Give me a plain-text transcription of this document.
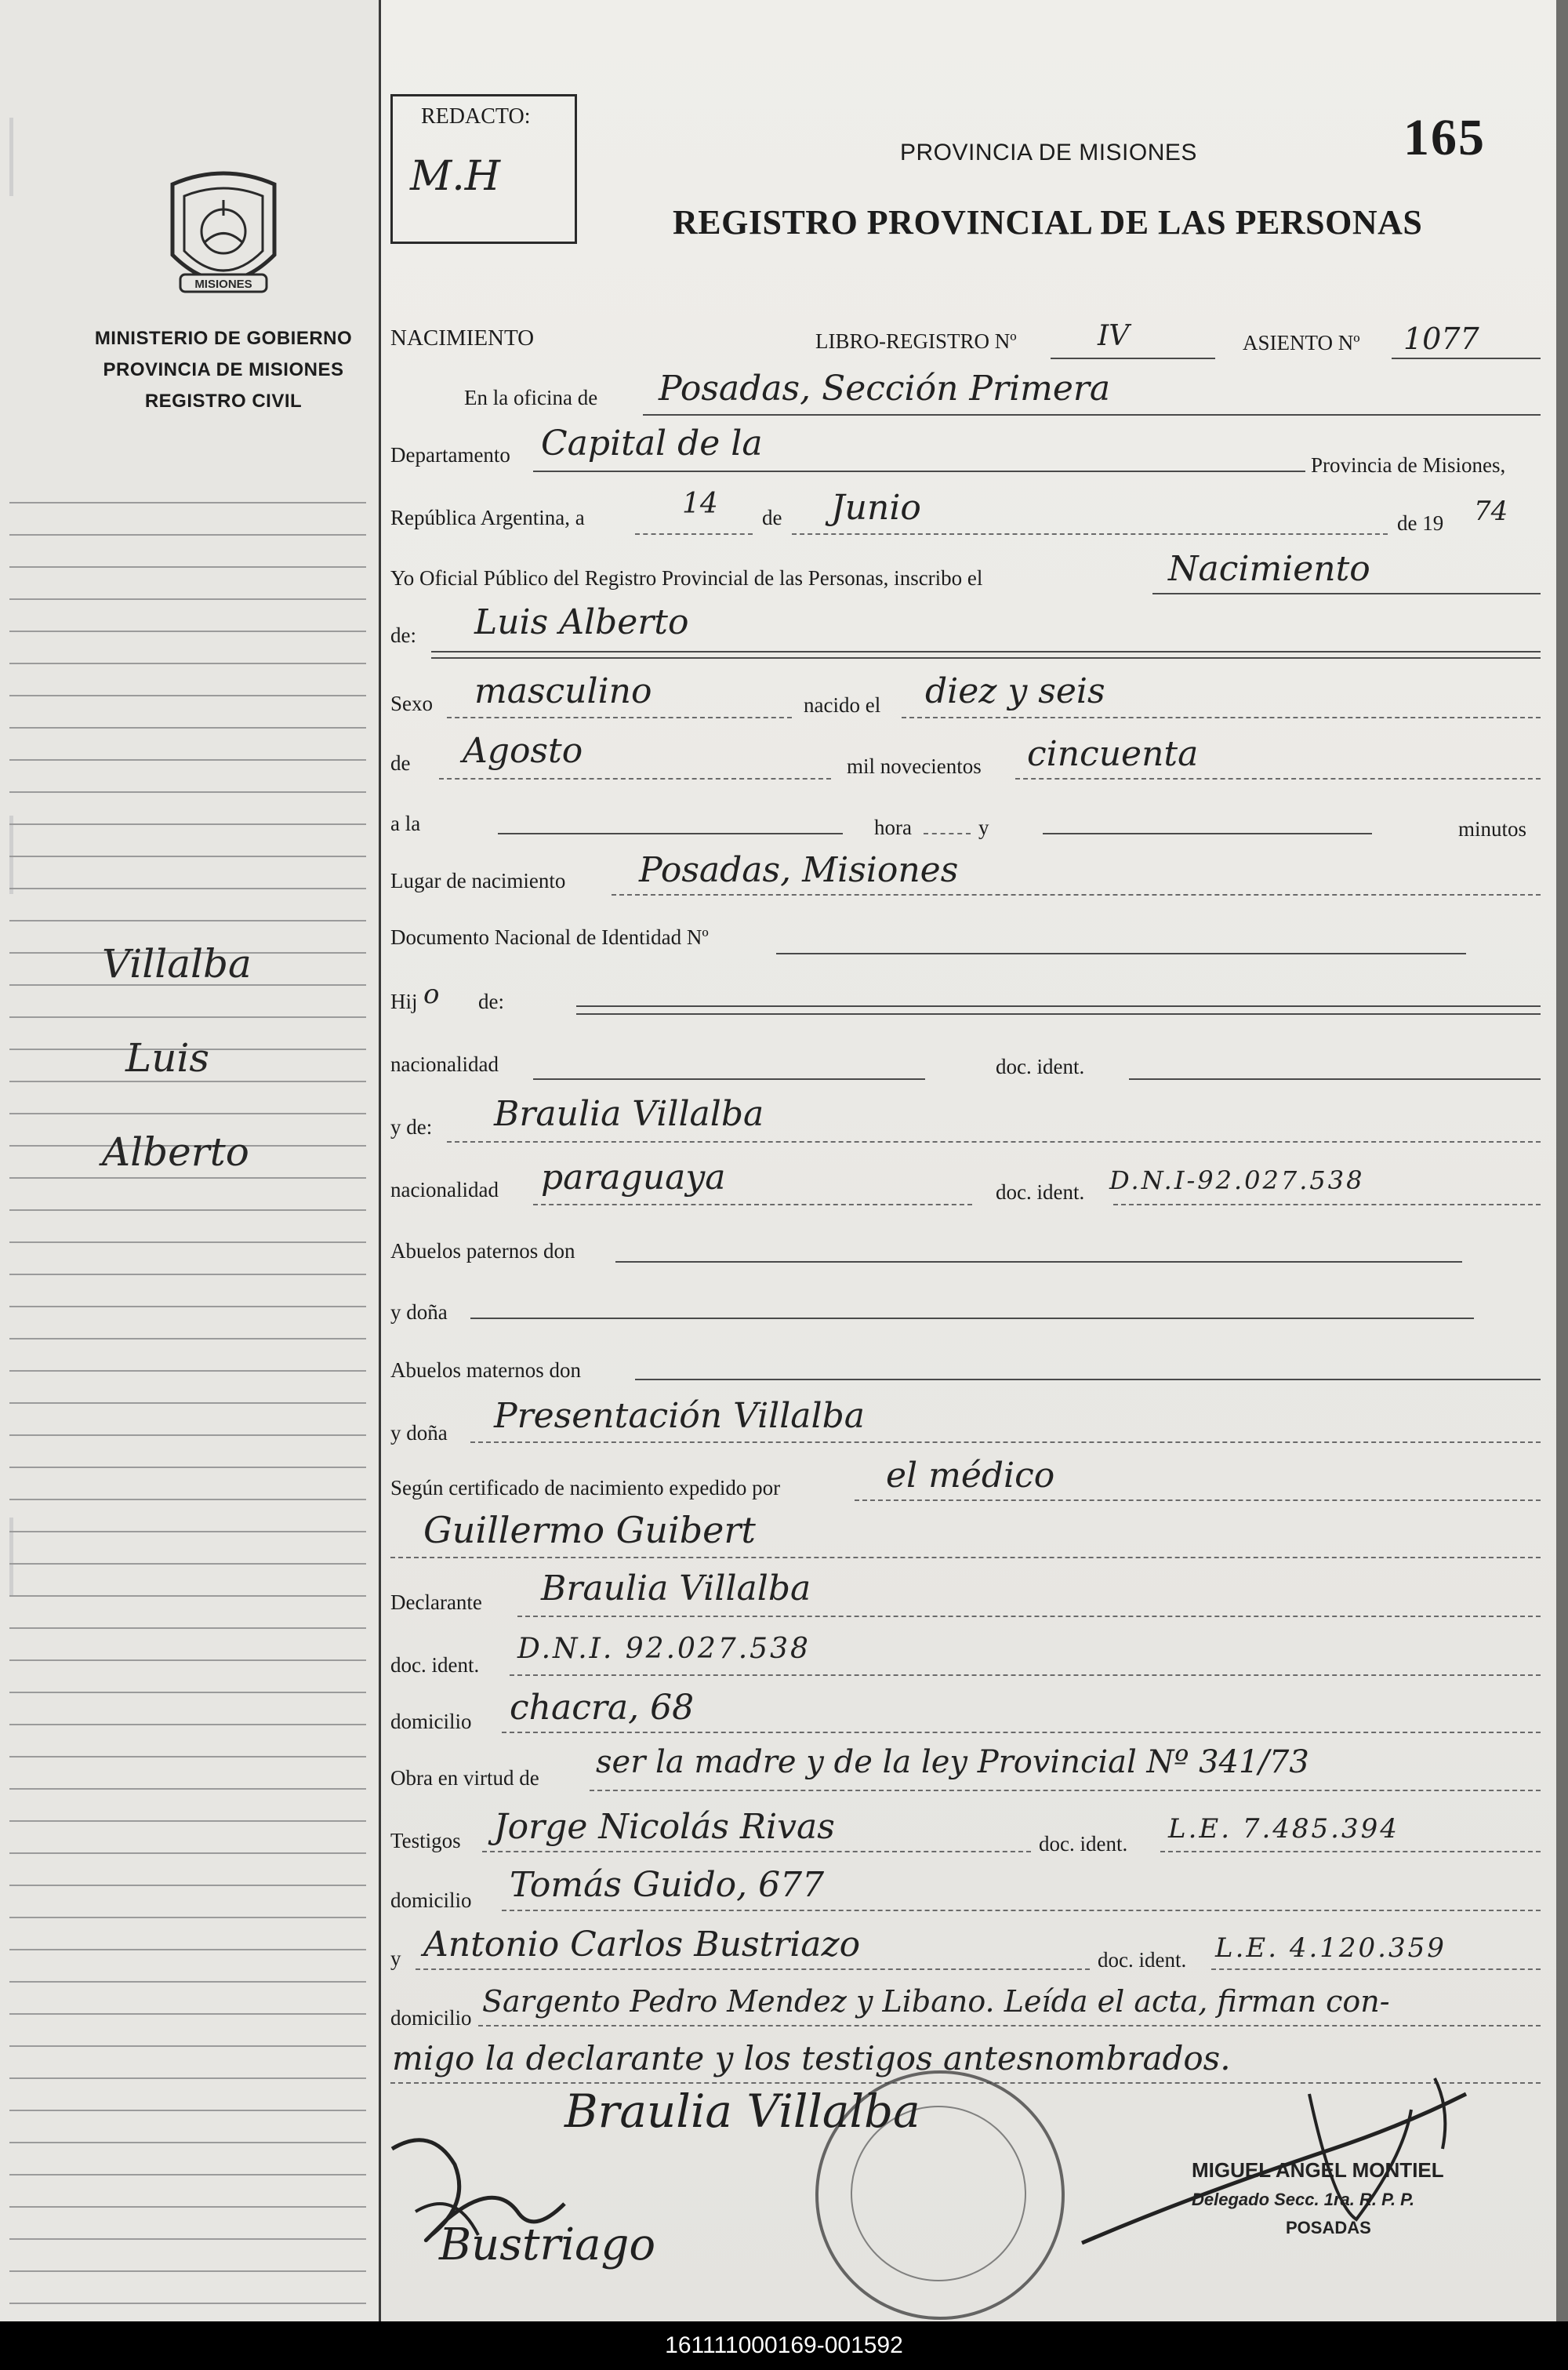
MISIONES
MINISTERIO DE GOBIERNO
PROVINCIA DE MISIONES
REGISTRO CIVIL
Villalba
Luis
Alberto
REDACTO:
M.H
165
PROVINCIA DE MISIONES
REGISTRO PROVINCIAL DE LAS PERSONAS
NACIMIENTO	LIBRO-REGISTRO Nº	IV	ASIENTO Nº 1077
En la oficina de Posadas, Sección Primera
Departamento Capital de la
Provincia de Misiones,
República Argentina, a	14 de Junio	de 19 74
Yo Oficial Público del Registro Provincial de las Personas, inscribo el	Nacimiento
de: Luis Alberto
Sexo masculino	nacido el diez y seis
de Agosto	mil novecientos cincuenta
a la	hora	y	minutos
Lugar de nacimiento Posadas, Misiones
Documento Nacional de Identidad Nº
Hij o de:
nacionalidad	doc. ident.
y de: Braulia Villalba
nacionalidad paraguaya	doc. ident. D.N.I-92.027.538
Abuelos paternos don
y doña
Abuelos maternos don
y doña Presentación Villalba
Según certificado de nacimiento expedido por	el médico
Guillermo Guibert
Declarante Braulia Villalba
doc. ident. D.N.I. 92.027.538
domicilio chacra, 68
Obra en virtud de ser la madre y de la ley Provincial Nº 341/73
Testigos Jorge Nicolás Rivas	doc. ident. L.E. 7.485.394
domicilio Tomás Guido, 677
y Antonio Carlos Bustriazo	doc. ident. L.E. 4.120.359
domicilio Sargento Pedro Mendez y Libano. Leída el acta, firman con-
migo la declarante y los testigos antesnombrados.
Braulia Villalba
Bustriago
MIGUEL ANGEL MONTIEL
Delegado Secc. 1ra. R. P. P.
POSADAS
161111000169-001592
